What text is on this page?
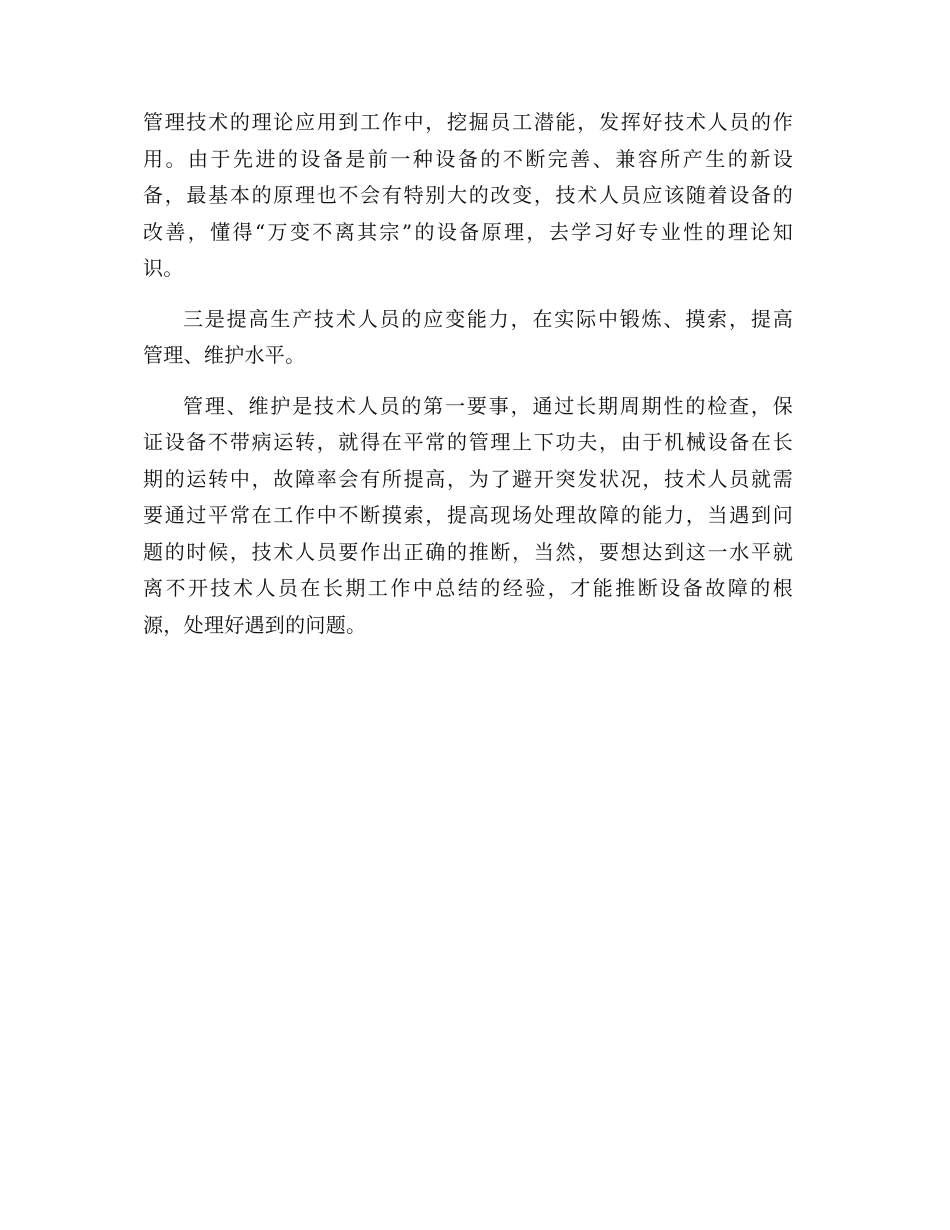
管理技术的理论应用到工作中，挖掘员工潜能，发挥好技术人员的作
用。由于先进的设备是前一种设备的不断完善、兼容所产生的新设
备，最基本的原理也不会有特别大的改变，技术人员应该随着设备的
改善，懂得“万变不离其宗”的设备原理，去学习好专业性的理论知
识。

三是提高生产技术人员的应变能力，在实际中锻炼、摸索，提高
管理、维护水平。

管理、维护是技术人员的第一要事，通过长期周期性的检查，保
证设备不带病运转，就得在平常的管理上下功夫，由于机械设备在长
期的运转中，故障率会有所提高，为了避开突发状况，技术人员就需
要通过平常在工作中不断摸索，提高现场处理故障的能力，当遇到问
题的时候，技术人员要作出正确的推断，当然，要想达到这一水平就
离不开技术人员在长期工作中总结的经验，才能推断设备故障的根
源，处理好遇到的问题。
